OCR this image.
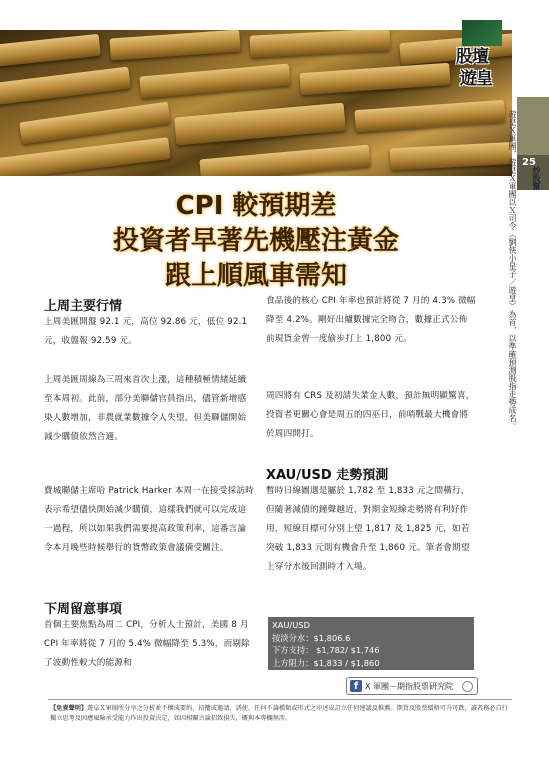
股壇
遊皇
25
炒股幫
遊皇Ｘ軍團，遊皇Ｘ軍團以Ｘ司令（劉俠小星子／遊皇）為首，以準確預測股指走勢成名。
CPI 較預期差
投資者早著先機壓注黃金
跟上順風車需知
上周主要行情

上周美匯開盤 92.1 元，高位 92.86 元，低位 92.1 元，收盤報 92.59 元。

上周美匯周線為三周來首次上漲，這種積極情緒延續至本周初。此前，部分美聯儲官員指出，儘管新增感染人數增加，非農就業數據令人失望，但美聯儲開始減少購債依然合適。

費城聯儲主席哈 Patrick Harker 本周一在接受採訪時表示希望儘快開始減少購債，這樣我們就可以完成這一過程，所以如果我們需要提高政策利率，這番言論令本月晚些時候舉行的貨幣政策會議備受關注。

下周留意事項

首個主要焦點為周二 CPI，分析人士預計，美國 8 月 CPI 年率將從 7 月的 5.4% 微幅降至 5.3%，而剔除了波動性較大的能源和

食品後的核心 CPI 年率也預計將從 7 月的 4.3% 微幅降至 4.2%。剛好出爐數據完全吻合，數據正式公佈前現貨金曾一度偷步打上 1,800 元。

周四將有 CRS 及初請失業金人數，預計無明顯驚喜，投資者更關心會是周五的四巫日，前哨戰最大機會將於周四開打。

XAU/USD 走勢預測

暫時日線圖遇是屬於 1,782 至 1,833 元之間橫行，但隨著減債的鐘聲越近，對期金短線走勢將有利好作用，短線目標可分別上望 1,817 及 1,825 元，如若突破 1,833 元則有機會升至 1,860 元。筆者會期望上穿分水後回測時才入場。

XAU/USD
按淡分水：$1,806.6
下方支持： $1,782/ $1,746
上方阻力：$1,833 / $1,860
f X 軍團－期指股票研究院

【免責聲明】遊皇Ｘ軍團所分享之分析並不構成要約、招攬或邀請、誘使，任何不論種類或形式之申述或訂立任何建議及推薦。期貨及股票價格可升可跌，讀者務必自行獨立思考及因應風險承受能力作出投資決定，如因相關言論招致損失，概與本專欄無涉。
